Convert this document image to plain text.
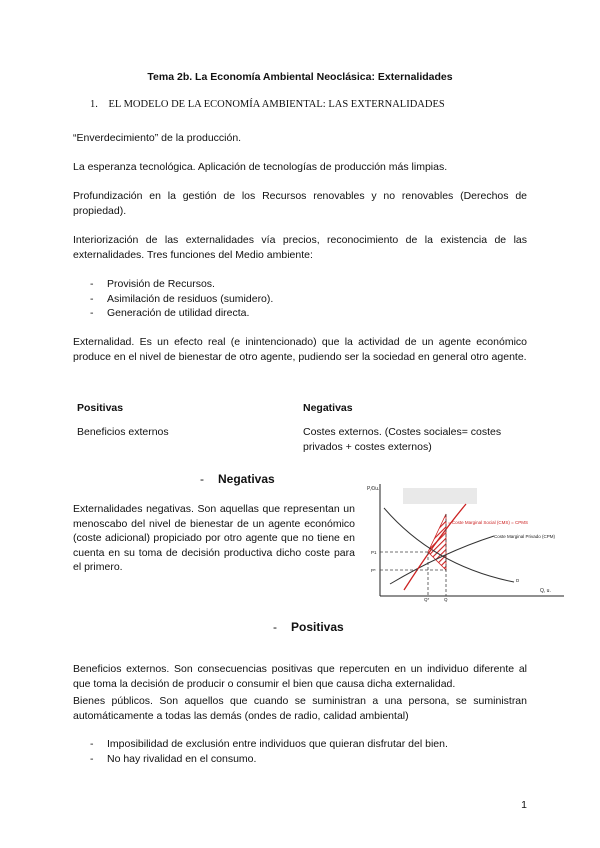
Tema 2b. La Economía Ambiental Neoclásica: Externalidades
1. EL MODELO DE LA ECONOMÍA AMBIENTAL: LAS EXTERNALIDADES
“Enverdecimiento” de la producción.
La esperanza tecnológica. Aplicación de tecnologías de producción más limpias.
Profundización en la gestión de los Recursos renovables y no renovables (Derechos de propiedad).
Interiorización de las externalidades vía precios, reconocimiento de la existencia de las externalidades. Tres funciones del Medio ambiente:
- Provisión de Recursos.
- Asimilación de residuos (sumidero).
- Generación de utilidad directa.
Externalidad. Es un efecto real (e inintencionado) que la actividad de un agente económico produce en el nivel de bienestar de otro agente, pudiendo ser la sociedad en general otro agente.
Positivas	Negativas
Beneficios externos	Costes externos. (Costes sociales= costes privados + costes externos)
- Negativas
Externalidades negativas. Son aquellas que representan un menoscabo del nivel de bienestar de un agente económico (coste adicional) propiciado por otro agente que no tiene en cuenta en su toma de decisión productiva dicho coste para el primero.
P,€/u.
Q, u.
= Coste Marginal Social (CMS) = CPMS
Coste Marginal Privado (CPM)
P1
P*
Q*	Q
D
- Positivas
Beneficios externos. Son consecuencias positivas que repercuten en un individuo diferente al que toma la decisión de producir o consumir el bien que causa dicha externalidad.
Bienes públicos. Son aquellos que cuando se suministran a una persona, se suministran automáticamente a todas las demás (ondes de radio, calidad ambiental)
- Imposibilidad de exclusión entre individuos que quieran disfrutar del bien.
- No hay rivalidad en el consumo.
1
